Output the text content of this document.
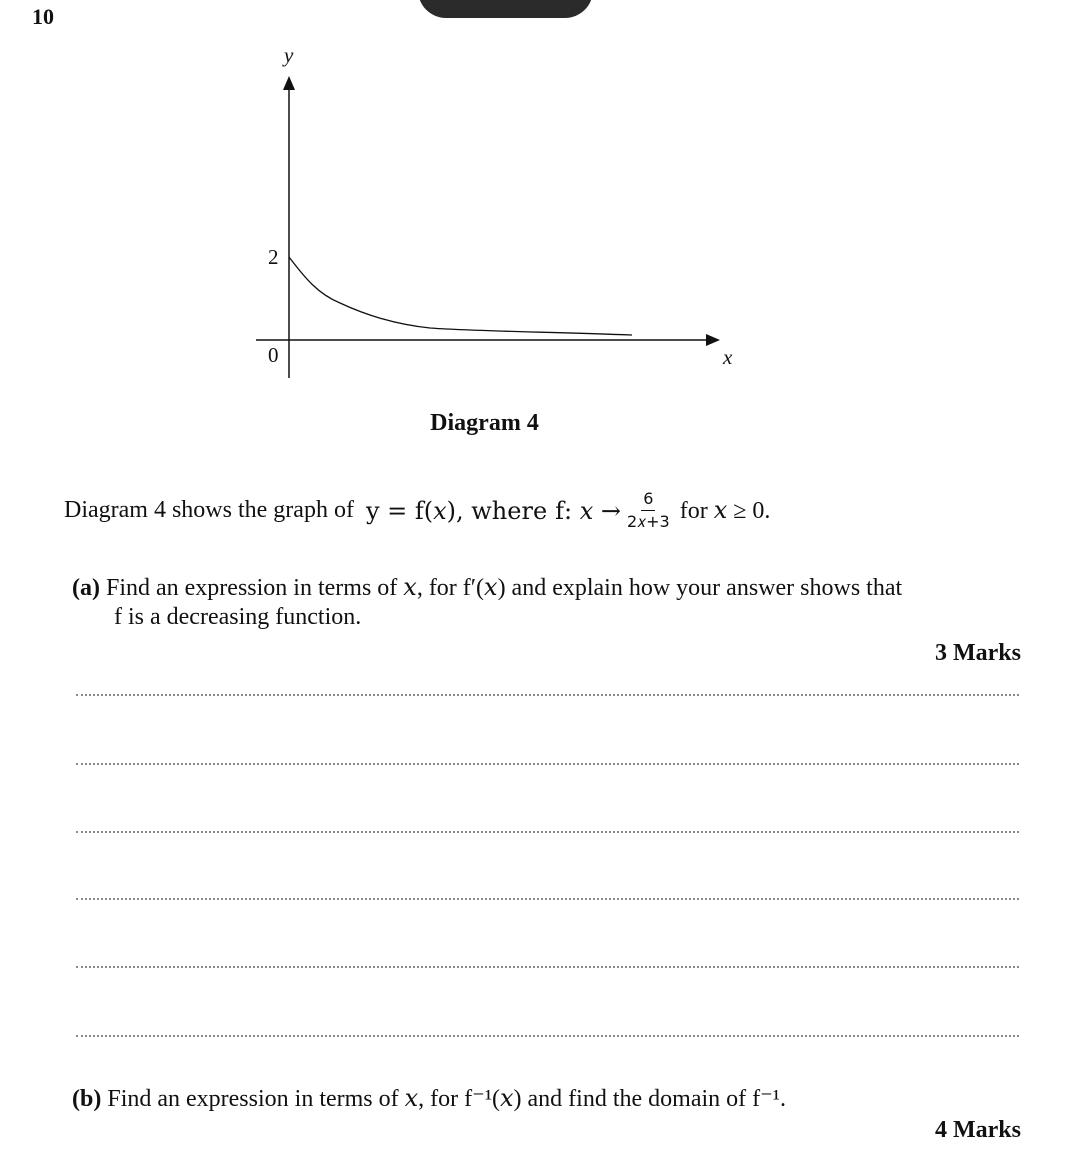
10
y
x
2
0
Diagram 4
Diagram 4 shows the graph of y = f(𝑥), where f: 𝑥 → $\frac{6}{\text{2𝑥+3}}$ for 𝑥 ≥ 0.
(a) Find an expression in terms of 𝑥, for f′(𝑥) and explain how your answer shows that
f is a decreasing function.
3 Marks
(b) Find an expression in terms of 𝑥, for f⁻¹(𝑥) and find the domain of f⁻¹.
4 Marks
